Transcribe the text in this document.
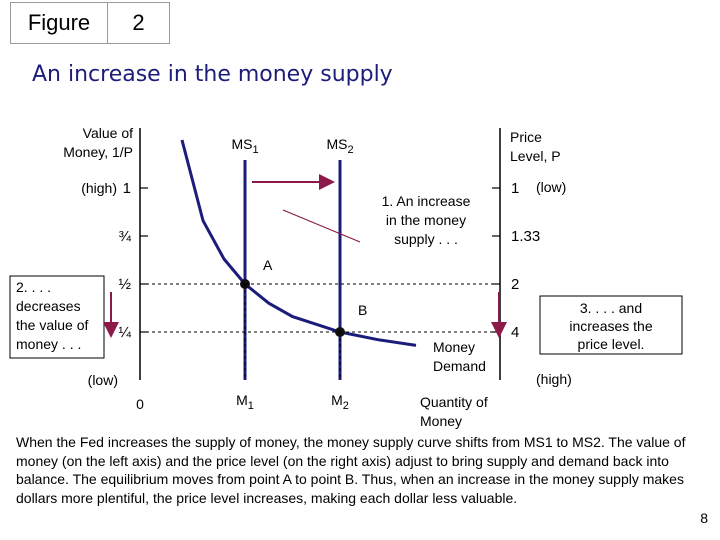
Figure	2
An increase in the money supply
Value of
Money, 1/P
Price
Level, P
Quantity of
Money
1
¾
½
¼
1
1.33
2
4
(high)
(low)
(low)
(high)
0	$M_1$	$M_2$
Money
Demand
$MS_1$	$MS_2$
A
B
1. An increase
in the money
supply . . .
2. . . .
decreases
the value of
money . . .
3. . . . and
increases the
price level.
When the Fed increases the supply of money, the money supply curve shifts from MS1 to MS2. The value of money (on the left axis) and the price level (on the right axis) adjust to bring supply and demand back into balance. The equilibrium moves from point A to point B. Thus, when an increase in the money supply makes dollars more plentiful, the price level increases, making each dollar less valuable.
8
